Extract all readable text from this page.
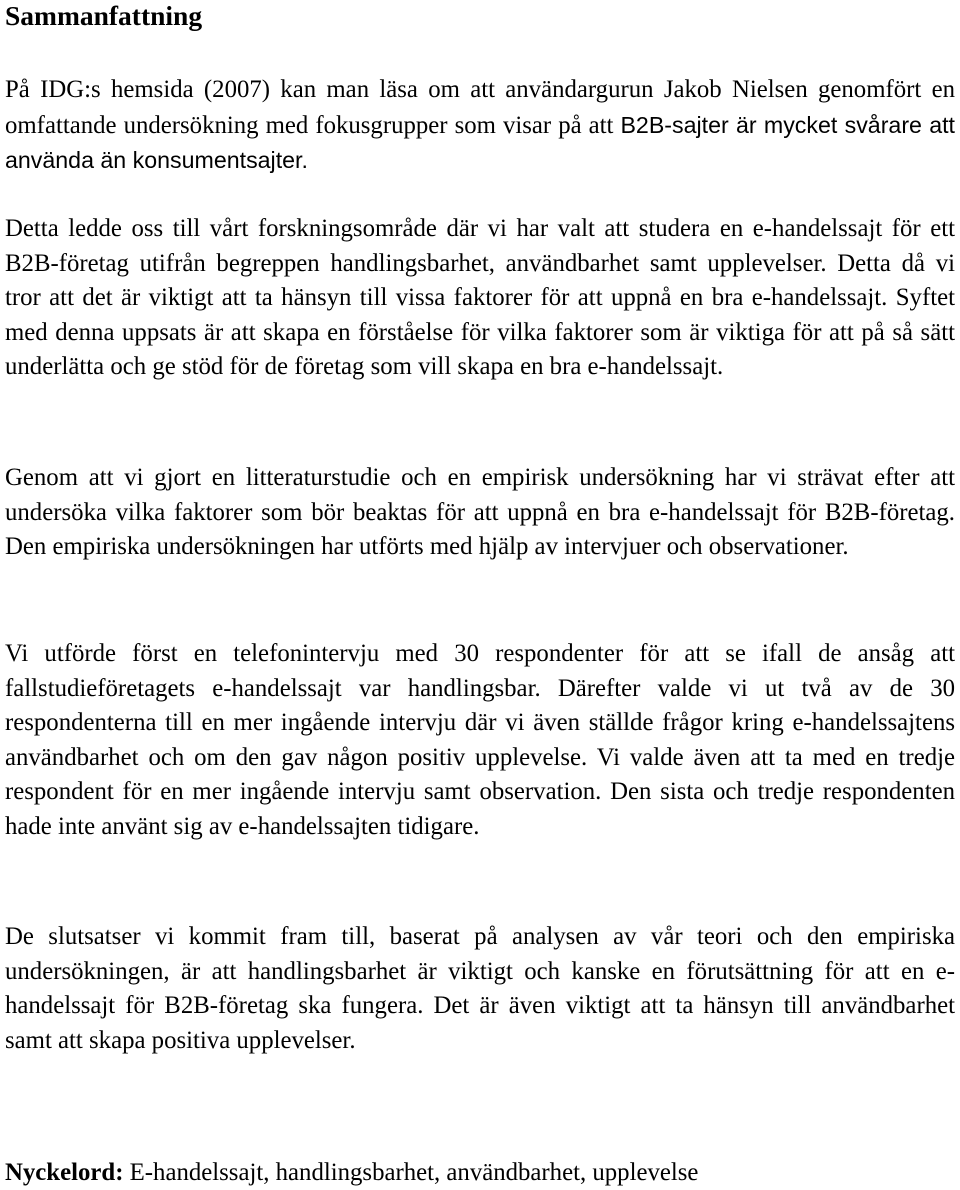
Sammanfattning

På IDG:s hemsida (2007) kan man läsa om att användargurun Jakob Nielsen genomfört en omfattande undersökning med fokusgrupper som visar på att B2B-sajter är mycket svårare att använda än konsumentsajter.

Detta ledde oss till vårt forskningsområde där vi har valt att studera en e-handelssajt för ett B2B-företag utifrån begreppen handlingsbarhet, användbarhet samt upplevelser. Detta då vi tror att det är viktigt att ta hänsyn till vissa faktorer för att uppnå en bra e-handelssajt. Syftet med denna uppsats är att skapa en förståelse för vilka faktorer som är viktiga för att på så sätt underlätta och ge stöd för de företag som vill skapa en bra e-handelssajt.

Genom att vi gjort en litteraturstudie och en empirisk undersökning har vi strävat efter att undersöka vilka faktorer som bör beaktas för att uppnå en bra e-handelssajt för B2B-företag. Den empiriska undersökningen har utförts med hjälp av intervjuer och observationer.

Vi utförde först en telefonintervju med 30 respondenter för att se ifall de ansåg att fallstudieföretagets e-handelssajt var handlingsbar. Därefter valde vi ut två av de 30 respondenterna till en mer ingående intervju där vi även ställde frågor kring e-handelssajtens användbarhet och om den gav någon positiv upplevelse. Vi valde även att ta med en tredje respondent för en mer ingående intervju samt observation. Den sista och tredje respondenten hade inte använt sig av e-handelssajten tidigare.

De slutsatser vi kommit fram till, baserat på analysen av vår teori och den empiriska undersökningen, är att handlingsbarhet är viktigt och kanske en förutsättning för att en e-handelssajt för B2B-företag ska fungera. Det är även viktigt att ta hänsyn till användbarhet samt att skapa positiva upplevelser.

Nyckelord: E-handelssajt, handlingsbarhet, användbarhet, upplevelse
